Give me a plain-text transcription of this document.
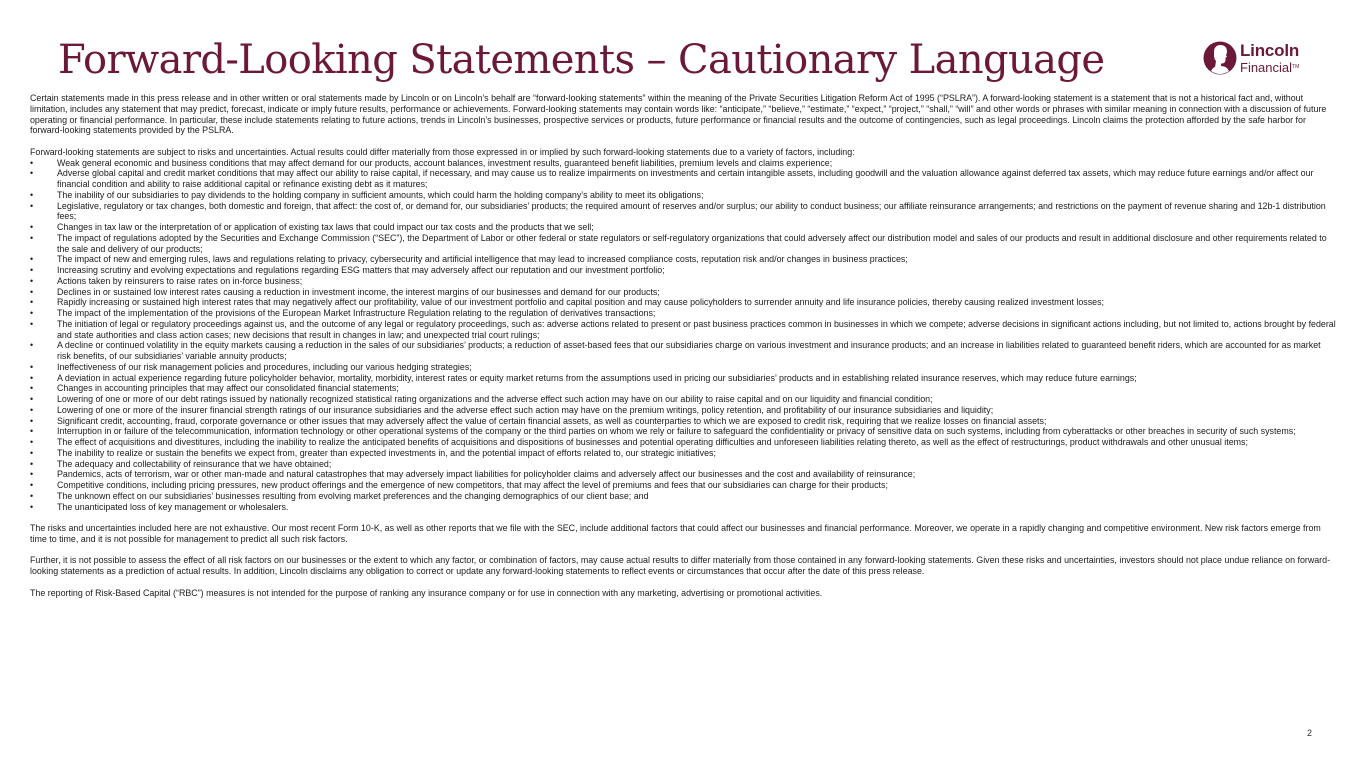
Forward-Looking Statements – Cautionary Language	Lincoln
Financial™

Certain statements made in this press release and in other written or oral statements made by Lincoln or on Lincoln’s behalf are “forward-looking statements” within the meaning of the Private Securities Litigation Reform Act of 1995 (“PSLRA”). A forward-looking statement is a statement that is not a historical fact and, without limitation, includes any statement that may predict, forecast, indicate or imply future results, performance or achievements. Forward-looking statements may contain words like: “anticipate,” “believe,” “estimate,” “expect,” “project,” “shall,” “will” and other words or phrases with similar meaning in connection with a discussion of future operating or financial performance. In particular, these include statements relating to future actions, trends in Lincoln’s businesses, prospective services or products, future performance or financial results and the outcome of contingencies, such as legal proceedings. Lincoln claims the protection afforded by the safe harbor for forward-looking statements provided by the PSLRA.

Forward-looking statements are subject to risks and uncertainties. Actual results could differ materially from those expressed in or implied by such forward-looking statements due to a variety of factors, including:

• Weak general economic and business conditions that may affect demand for our products, account balances, investment results, guaranteed benefit liabilities, premium levels and claims experience;
• Adverse global capital and credit market conditions that may affect our ability to raise capital, if necessary, and may cause us to realize impairments on investments and certain intangible assets, including goodwill and the valuation allowance against deferred tax assets, which may reduce future earnings and/or affect our financial condition and ability to raise additional capital or refinance existing debt as it matures;
• The inability of our subsidiaries to pay dividends to the holding company in sufficient amounts, which could harm the holding company’s ability to meet its obligations;
• Legislative, regulatory or tax changes, both domestic and foreign, that affect: the cost of, or demand for, our subsidiaries’ products; the required amount of reserves and/or surplus; our ability to conduct business; our affiliate reinsurance arrangements; and restrictions on the payment of revenue sharing and 12b-1 distribution fees;
• Changes in tax law or the interpretation of or application of existing tax laws that could impact our tax costs and the products that we sell;
• The impact of regulations adopted by the Securities and Exchange Commission (“SEC”), the Department of Labor or other federal or state regulators or self-regulatory organizations that could adversely affect our distribution model and sales of our products and result in additional disclosure and other requirements related to the sale and delivery of our products;
• The impact of new and emerging rules, laws and regulations relating to privacy, cybersecurity and artificial intelligence that may lead to increased compliance costs, reputation risk and/or changes in business practices;
• Increasing scrutiny and evolving expectations and regulations regarding ESG matters that may adversely affect our reputation and our investment portfolio;
• Actions taken by reinsurers to raise rates on in-force business;
• Declines in or sustained low interest rates causing a reduction in investment income, the interest margins of our businesses and demand for our products;
• Rapidly increasing or sustained high interest rates that may negatively affect our profitability, value of our investment portfolio and capital position and may cause policyholders to surrender annuity and life insurance policies, thereby causing realized investment losses;
• The impact of the implementation of the provisions of the European Market Infrastructure Regulation relating to the regulation of derivatives transactions;
• The initiation of legal or regulatory proceedings against us, and the outcome of any legal or regulatory proceedings, such as: adverse actions related to present or past business practices common in businesses in which we compete; adverse decisions in significant actions including, but not limited to, actions brought by federal and state authorities and class action cases; new decisions that result in changes in law; and unexpected trial court rulings;
• A decline or continued volatility in the equity markets causing a reduction in the sales of our subsidiaries’ products; a reduction of asset-based fees that our subsidiaries charge on various investment and insurance products; and an increase in liabilities related to guaranteed benefit riders, which are accounted for as market risk benefits, of our subsidiaries’ variable annuity products;
• Ineffectiveness of our risk management policies and procedures, including our various hedging strategies;
• A deviation in actual experience regarding future policyholder behavior, mortality, morbidity, interest rates or equity market returns from the assumptions used in pricing our subsidiaries’ products and in establishing related insurance reserves, which may reduce future earnings;
• Changes in accounting principles that may affect our consolidated financial statements;
• Lowering of one or more of our debt ratings issued by nationally recognized statistical rating organizations and the adverse effect such action may have on our ability to raise capital and on our liquidity and financial condition;
• Lowering of one or more of the insurer financial strength ratings of our insurance subsidiaries and the adverse effect such action may have on the premium writings, policy retention, and profitability of our insurance subsidiaries and liquidity;
• Significant credit, accounting, fraud, corporate governance or other issues that may adversely affect the value of certain financial assets, as well as counterparties to which we are exposed to credit risk, requiring that we realize losses on financial assets;
• Interruption in or failure of the telecommunication, information technology or other operational systems of the company or the third parties on whom we rely or failure to safeguard the confidentiality or privacy of sensitive data on such systems, including from cyberattacks or other breaches in security of such systems;
• The effect of acquisitions and divestitures, including the inability to realize the anticipated benefits of acquisitions and dispositions of businesses and potential operating difficulties and unforeseen liabilities relating thereto, as well as the effect of restructurings, product withdrawals and other unusual items;
• The inability to realize or sustain the benefits we expect from, greater than expected investments in, and the potential impact of efforts related to, our strategic initiatives;
• The adequacy and collectability of reinsurance that we have obtained;
• Pandemics, acts of terrorism, war or other man-made and natural catastrophes that may adversely impact liabilities for policyholder claims and adversely affect our businesses and the cost and availability of reinsurance;
• Competitive conditions, including pricing pressures, new product offerings and the emergence of new competitors, that may affect the level of premiums and fees that our subsidiaries can charge for their products;
• The unknown effect on our subsidiaries’ businesses resulting from evolving market preferences and the changing demographics of our client base; and
• The unanticipated loss of key management or wholesalers.

The risks and uncertainties included here are not exhaustive. Our most recent Form 10-K, as well as other reports that we file with the SEC, include additional factors that could affect our businesses and financial performance. Moreover, we operate in a rapidly changing and competitive environment. New risk factors emerge from time to time, and it is not possible for management to predict all such risk factors.

Further, it is not possible to assess the effect of all risk factors on our businesses or the extent to which any factor, or combination of factors, may cause actual results to differ materially from those contained in any forward-looking statements. Given these risks and uncertainties, investors should not place undue reliance on forward-looking statements as a prediction of actual results. In addition, Lincoln disclaims any obligation to correct or update any forward-looking statements to reflect events or circumstances that occur after the date of this press release.

The reporting of Risk-Based Capital (“RBC”) measures is not intended for the purpose of ranking any insurance company or for use in connection with any marketing, advertising or promotional activities.

2
